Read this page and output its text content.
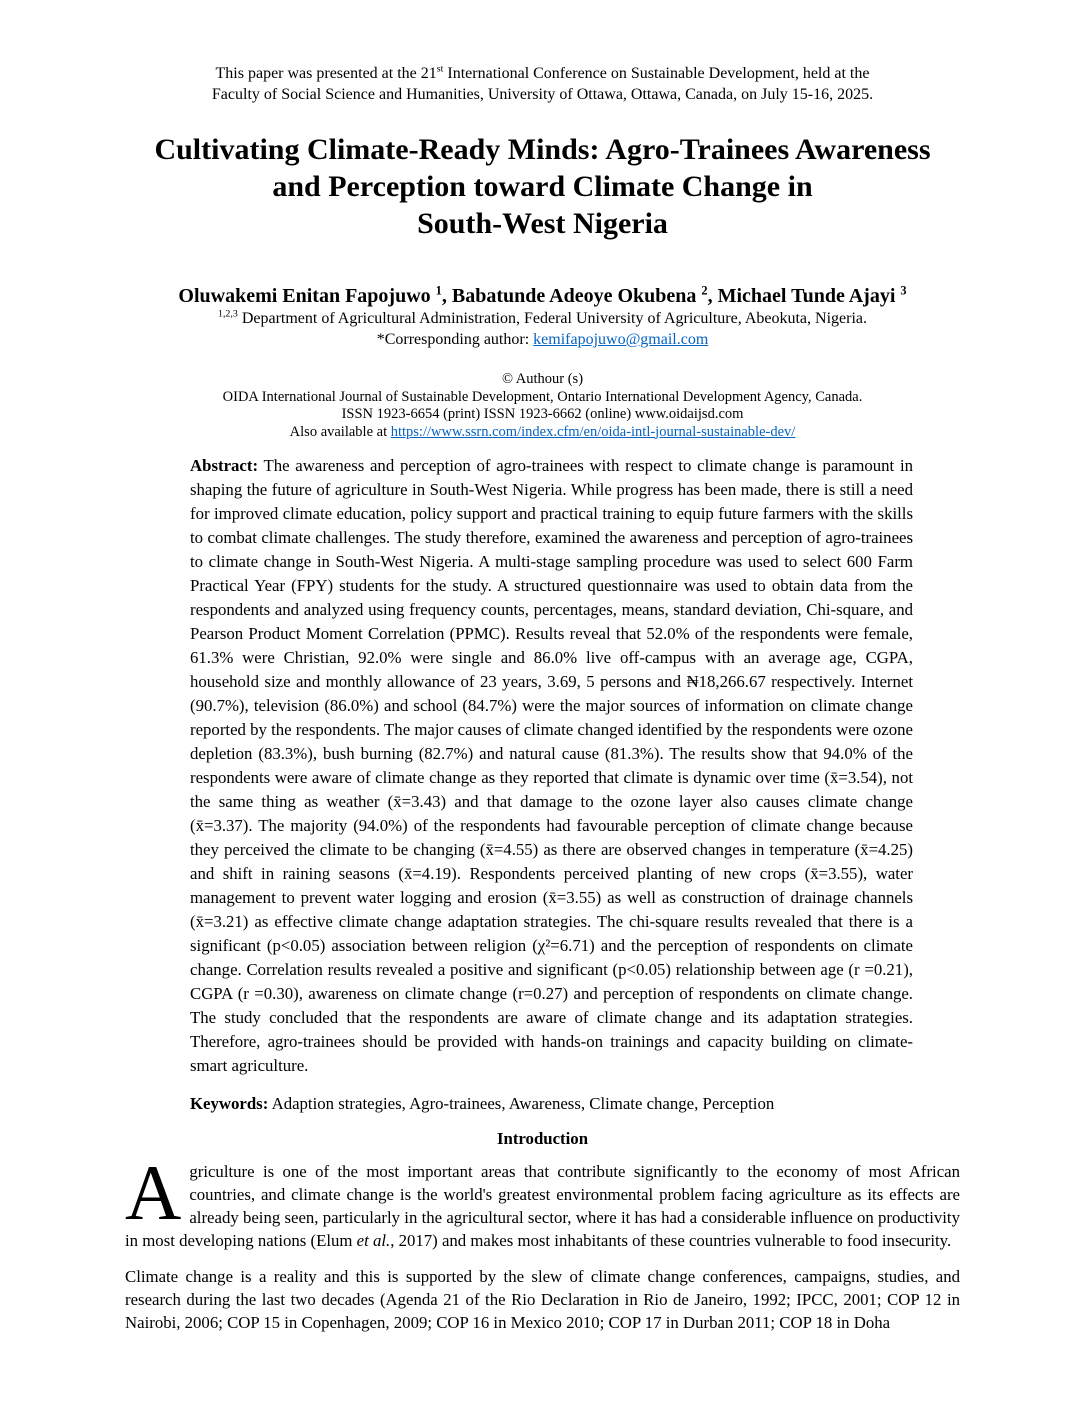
This paper was presented at the 21st International Conference on Sustainable Development, held at the
Faculty of Social Science and Humanities, University of Ottawa, Ottawa, Canada, on July 15-16, 2025.
Cultivating Climate-Ready Minds: Agro-Trainees Awareness
and Perception toward Climate Change in
South-West Nigeria
Oluwakemi Enitan Fapojuwo $^1$, Babatunde Adeoye Okubena $^2$, Michael Tunde Ajayi $^3$
$^{1,2,3}$ Department of Agricultural Administration, Federal University of Agriculture, Abeokuta, Nigeria.
*Corresponding author: kemifapojuwo@gmail.com
© Authour (s)
OIDA International Journal of Sustainable Development, Ontario International Development Agency, Canada.
ISSN 1923-6654 (print) ISSN 1923-6662 (online) www.oidaijsd.com
Also available at https://www.ssrn.com/index.cfm/en/oida-intl-journal-sustainable-dev/
Abstract: The awareness and perception of agro-trainees with respect to climate change is paramount in shaping the future of agriculture in South-West Nigeria. While progress has been made, there is still a need for improved climate education, policy support and practical training to equip future farmers with the skills to combat climate challenges. The study therefore, examined the awareness and perception of agro-trainees to climate change in South-West Nigeria. A multi-stage sampling procedure was used to select 600 Farm Practical Year (FPY) students for the study. A structured questionnaire was used to obtain data from the respondents and analyzed using frequency counts, percentages, means, standard deviation, Chi-square, and Pearson Product Moment Correlation (PPMC). Results reveal that 52.0% of the respondents were female, 61.3% were Christian, 92.0% were single and 86.0% live off-campus with an average age, CGPA, household size and monthly allowance of 23 years, 3.69, 5 persons and ₦18,266.67 respectively. Internet (90.7%), television (86.0%) and school (84.7%) were the major sources of information on climate change reported by the respondents. The major causes of climate changed identified by the respondents were ozone depletion (83.3%), bush burning (82.7%) and natural cause (81.3%). The results show that 94.0% of the respondents were aware of climate change as they reported that climate is dynamic over time (x̄=3.54), not the same thing as weather (x̄=3.43) and that damage to the ozone layer also causes climate change (x̄=3.37). The majority (94.0%) of the respondents had favourable perception of climate change because they perceived the climate to be changing (x̄=4.55) as there are observed changes in temperature (x̄=4.25) and shift in raining seasons (x̄=4.19). Respondents perceived planting of new crops (x̄=3.55), water management to prevent water logging and erosion (x̄=3.55) as well as construction of drainage channels (x̄=3.21) as effective climate change adaptation strategies. The chi-square results revealed that there is a significant (p<0.05) association between religion (χ²=6.71) and the perception of respondents on climate change. Correlation results revealed a positive and significant (p<0.05) relationship between age (r =0.21), CGPA (r =0.30), awareness on climate change (r=0.27) and perception of respondents on climate change. The study concluded that the respondents are aware of climate change and its adaptation strategies. Therefore, agro-trainees should be provided with hands-on trainings and capacity building on climate-smart agriculture.
Keywords: Adaption strategies, Agro-trainees, Awareness, Climate change, Perception
Introduction
Agriculture is one of the most important areas that contribute significantly to the economy of most African countries, and climate change is the world's greatest environmental problem facing agriculture as its effects are already being seen, particularly in the agricultural sector, where it has had a considerable influence on productivity in most developing nations (Elum et al., 2017) and makes most inhabitants of these countries vulnerable to food insecurity.
Climate change is a reality and this is supported by the slew of climate change conferences, campaigns, studies, and research during the last two decades (Agenda 21 of the Rio Declaration in Rio de Janeiro, 1992; IPCC, 2001; COP 12 in Nairobi, 2006; COP 15 in Copenhagen, 2009; COP 16 in Mexico 2010; COP 17 in Durban 2011; COP 18 in Doha
